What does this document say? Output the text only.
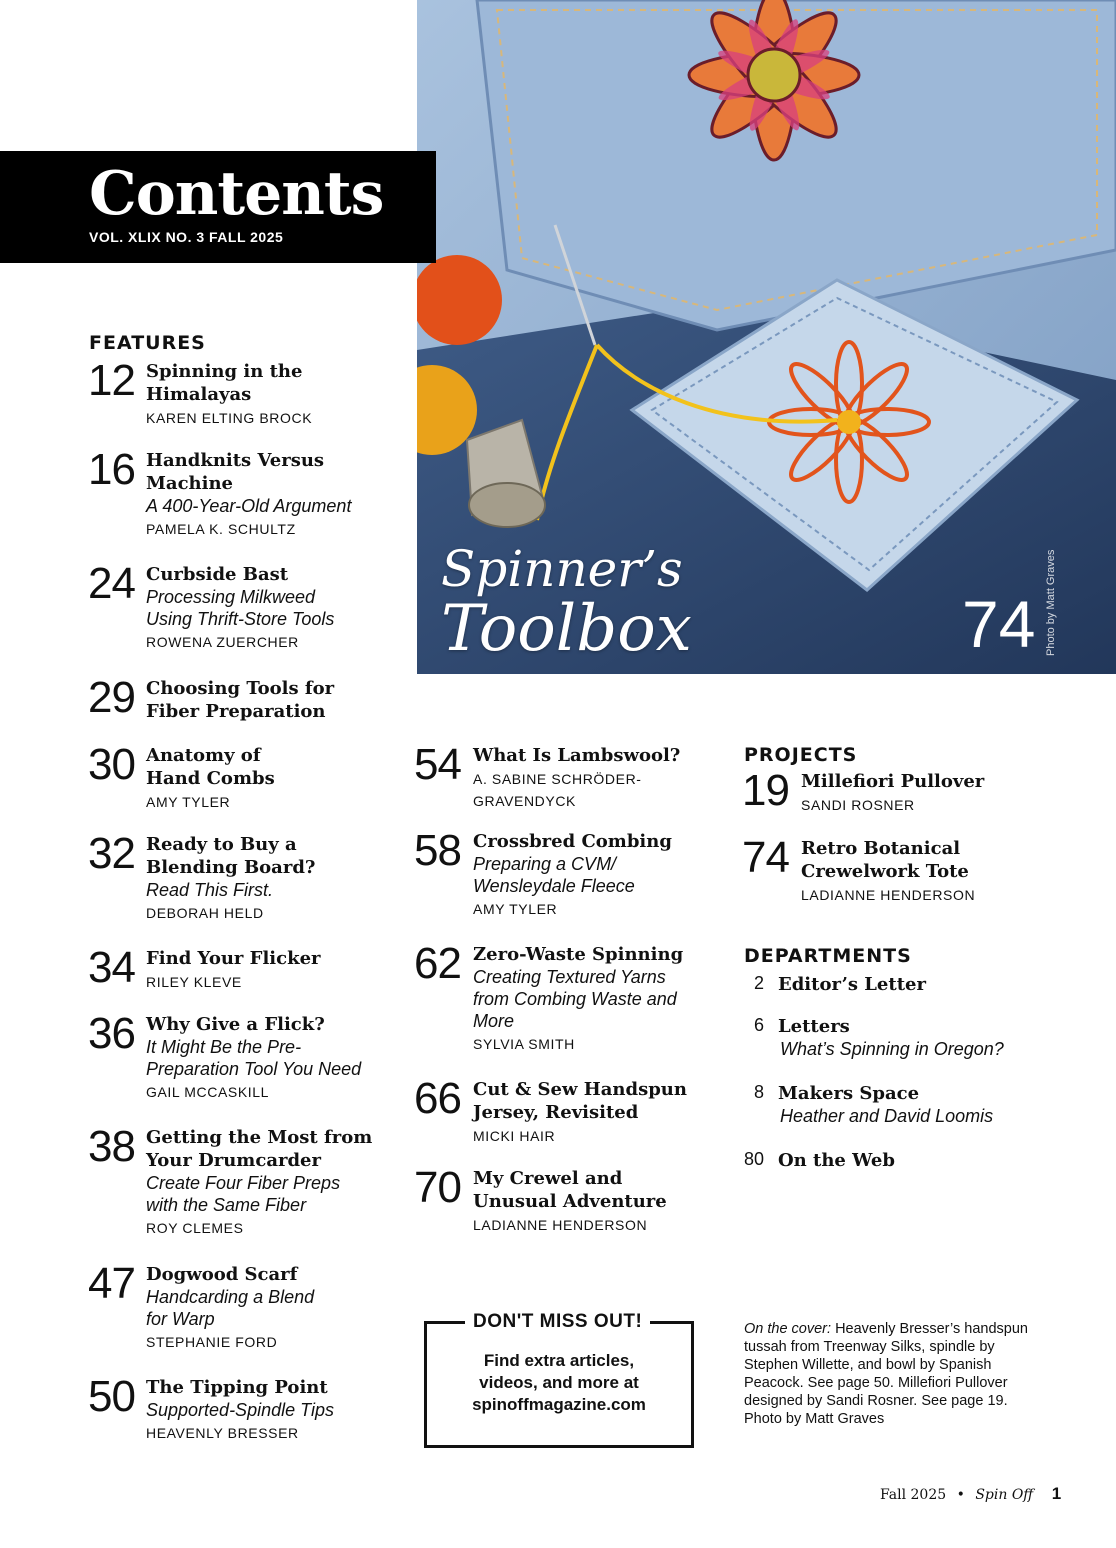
Spinner’s
Toolbox	74 Photo by Matt Graves
Contents
VOL. XLIX NO. 3 FALL 2025
FEATURES
12 Spinning in the Himalayas
KAREN ELTING BROCK
16 Handknits Versus Machine
A 400-Year-Old Argument
PAMELA K. SCHULTZ
24 Curbside Bast
Processing Milkweed Using Thrift-Store Tools
ROWENA ZUERCHER
29 Choosing Tools for Fiber Preparation
30 Anatomy of Hand Combs
AMY TYLER
32 Ready to Buy a Blending Board?
Read This First.
DEBORAH HELD
34 Find Your Flicker
RILEY KLEVE
36 Why Give a Flick?
It Might Be the Pre-Preparation Tool You Need
GAIL MCCASKILL
38 Getting the Most from Your Drumcarder
Create Four Fiber Preps with the Same Fiber
ROY CLEMES
47 Dogwood Scarf
Handcarding a Blend for Warp
STEPHANIE FORD
50 The Tipping Point
Supported-Spindle Tips
HEAVENLY BRESSER
54 What Is Lambswool?
A. SABINE SCHRÖDER-GRAVENDYCK
58 Crossbred Combing
Preparing a CVM/ Wensleydale Fleece
AMY TYLER
62 Zero-Waste Spinning
Creating Textured Yarns from Combing Waste and More
SYLVIA SMITH
66 Cut & Sew Handspun Jersey, Revisited
MICKI HAIR
70 My Crewel and Unusual Adventure
LADIANNE HENDERSON
PROJECTS
19 Millefiori Pullover
SANDI ROSNER
74 Retro Botanical Crewelwork Tote
LADIANNE HENDERSON
DEPARTMENTS
2 Editor’s Letter
6 Letters
What’s Spinning in Oregon?
8 Makers Space
Heather and David Loomis
80 On the Web
DON'T MISS OUT!
Find extra articles,
videos, and more at
spinoffmagazine.com
On the cover: Heavenly Bresser’s handspun tussah from Treenway Silks, spindle by Stephen Willette, and bowl by Spanish Peacock. See page 50. Millefiori Pullover designed by Sandi Rosner. See page 19. Photo by Matt Graves
Fall 2025 • Spin Off 1
